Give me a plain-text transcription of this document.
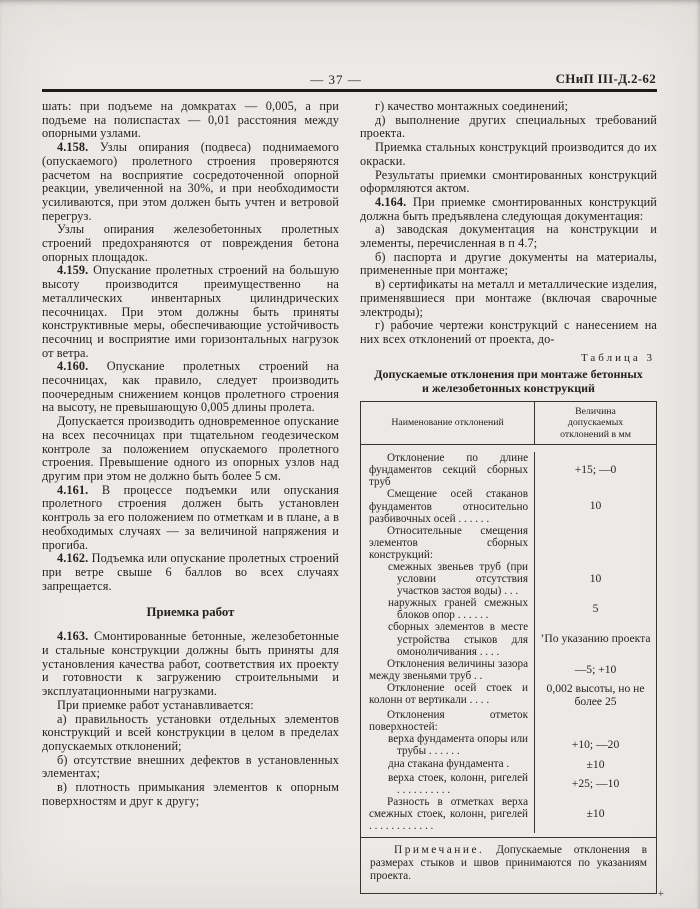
— 37 —	СНиП III-Д.2-62

шать: при подъеме на домкратах — 0,005, а при подъеме на полиспастах — 0,01 расстояния между опорными узлами.

4.158. Узлы опирания (подвеса) поднимаемого (опускаемого) пролетного строения проверяются расчетом на восприятие сосредоточенной опорной реакции, увеличенной на 30%, и при необходимости усиливаются, при этом должен быть учтен и ветровой перегруз.

Узлы опирания железобетонных пролетных строений предохраняются от повреждения бетона опорных площадок.

4.159. Опускание пролетных строений на большую высоту производится преимущественно на металлических инвентарных цилиндрических песочницах. При этом должны быть приняты конструктивные меры, обеспечивающие устойчивость песочниц и восприятие ими горизонтальных нагрузок от ветра.

4.160. Опускание пролетных строений на песочницах, как правило, следует производить поочередным снижением концов пролетного строения на высоту, не превышающую 0,005 длины пролета.

Допускается производить одновременное опускание на всех песочницах при тщательном геодезическом контроле за положением опускаемого пролетного строения. Превышение одного из опорных узлов над другим при этом не должно быть более 5 см.

4.161. В процессе подъемки или опускания пролетного строения должен быть установлен контроль за его положением по отметкам и в плане, а в необходимых случаях — за величиной напряжения и прогиба.

4.162. Подъемка или опускание пролетных строений при ветре свыше 6 баллов во всех случаях запрещается.

Приемка работ

4.163. Смонтированные бетонные, железобетонные и стальные конструкции должны быть приняты для установления качества работ, соответствия их проекту и готовности к загружению строительными и эксплуатационными нагрузками.

При приемке работ устанавливается:

а) правильность установки отдельных элементов конструкций и всей конструкции в целом в пределах допускаемых отклонений;

б) отсутствие внешних дефектов в установленных элементах;

в) плотность примыкания элементов к опорным поверхностям и друг к другу;

г) качество монтажных соединений;

д) выполнение других специальных требований проекта.

Приемка стальных конструкций производится до их окраски.

Результаты приемки смонтированных конструкций оформляются актом.

4.164. При приемке смонтированных конструкций должна быть предъявлена следующая документация:

а) заводская документация на конструкции и элементы, перечисленная в п 4.7;

б) паспорта и другие документы на материалы, примененные при монтаже;

в) сертификаты на металл и металлические изделия, применявшиеся при монтаже (включая сварочные электроды);

г) рабочие чертежи конструкций с нанесением на них всех отклонений от проекта, до-

Таблица 3
Допускаемые отклонения при монтаже бетонных и железобетонных конструкций
Наименование отклонений
Величина допускаемых отклонений в мм
Отклонение по длине фундаментов секций сборных труб
+15; —0
Смещение осей стаканов фундаментов относительно разбивочных осей . . . . . .
10
Относительные смещения элементов сборных конструкций:
смежных звеньев труб (при условии отсутствия участков застоя воды) . . .
10
наружных граней смежных блоков опор . . . . . .
5
сборных элементов в месте устройства стыков для омоноличивания . . . .
’По указанию проекта
Отклонения величины зазора между звеньями труб . .
—5; +10
Отклонение осей стоек и колонн от вертикали . . . .
0,002 высоты, но не более 25
Отклонения отметок поверхностей:
верха фундамента опоры или трубы . . . . . .
+10; —20
дна стакана фундамента .	±10
верха стоек, колонн, ригелей . . . . . . . . . .
+25; —10
Разность в отметках верха смежных стоек, колонн, ригелей . . . . . . . . . . . .
±10
Примечание. Допускаемые отклонения в размерах стыков и швов принимаются по указаниям проекта.
+
